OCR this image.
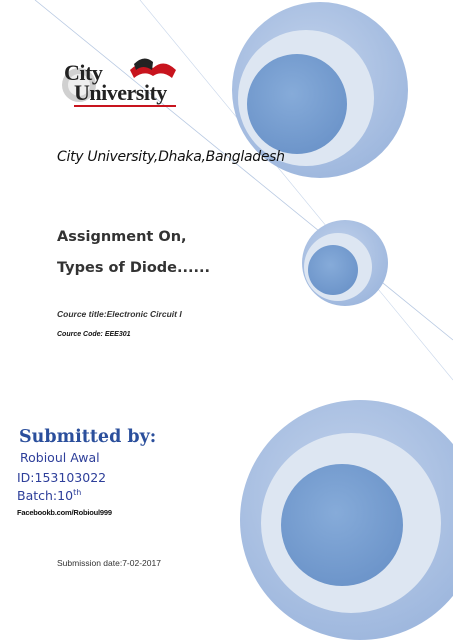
City
University
City University,Dhaka,Bangladesh
Assignment On,
Types of Diode......
Cource title:Electronic Circuit I
Cource Code: EEE301
Submitted by:
Robioul Awal
ID:153103022
Batch:10th
Facebookb.com/Robioul999
Submission date:7-02-2017
